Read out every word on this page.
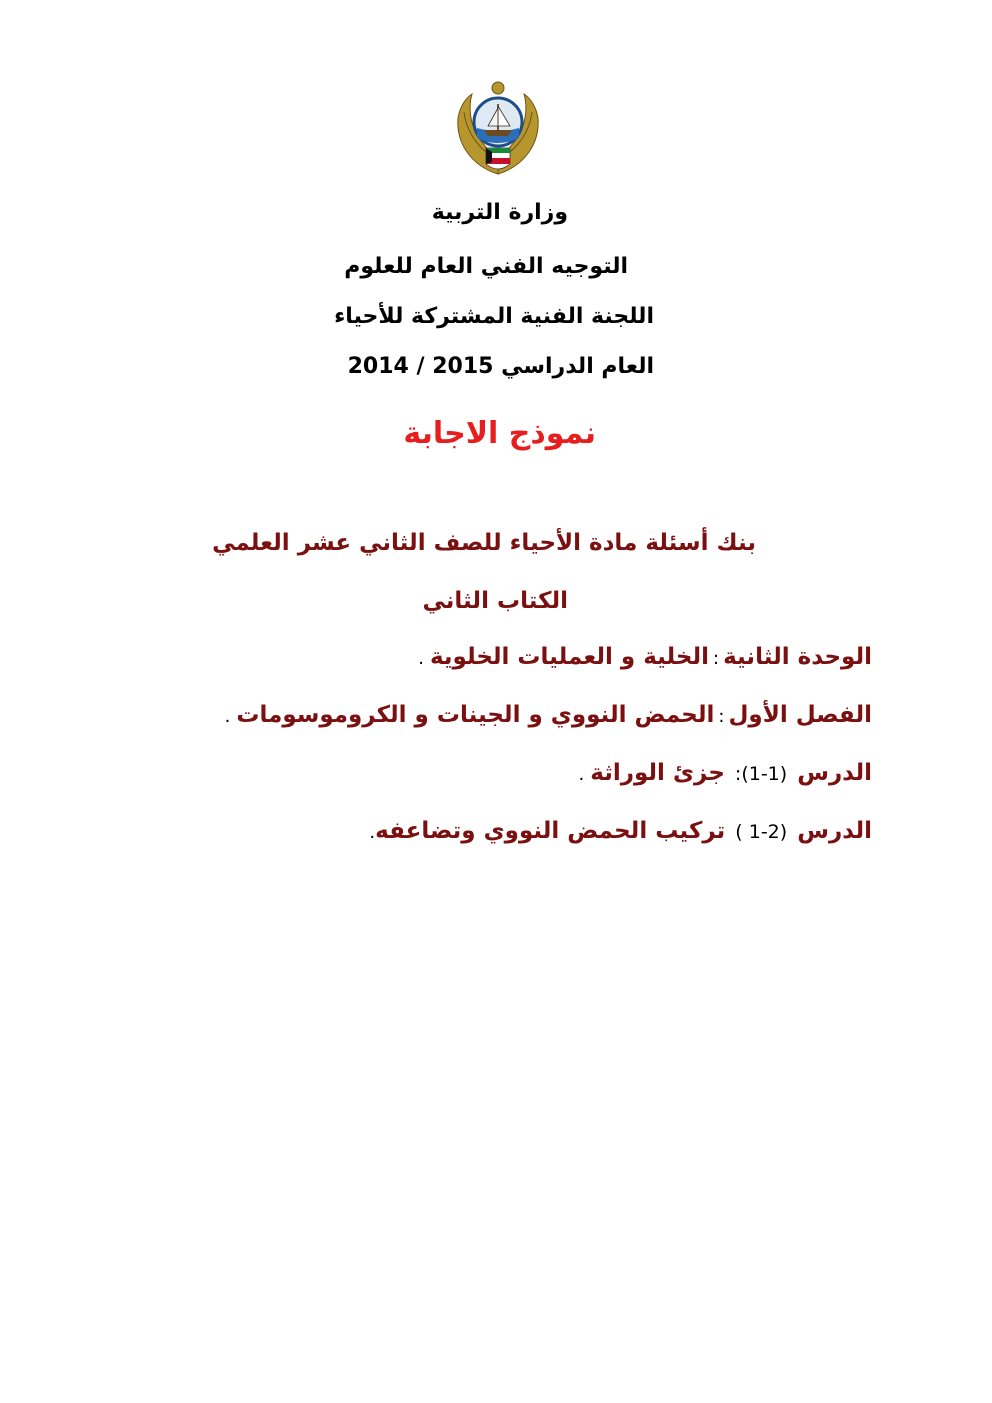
وزارة التربية
التوجيه الفني العام للعلوم
اللجنة الفنية المشتركة للأحياء
العام الدراسي 2014 / 2015
نموذج الاجابة
بنك أسئلة مادة الأحياء للصف الثاني عشر العلمي
الكتاب الثاني
الوحدة الثانية:الخلية و العمليات الخلوية.
الفصل الأول:الحمض النووي و الجينات و الكروموسومات.
الدرس :(1-1) جزئ الوراثة.
الدرس ( 1-2) تركيب الحمض النووي وتضاعفه.
